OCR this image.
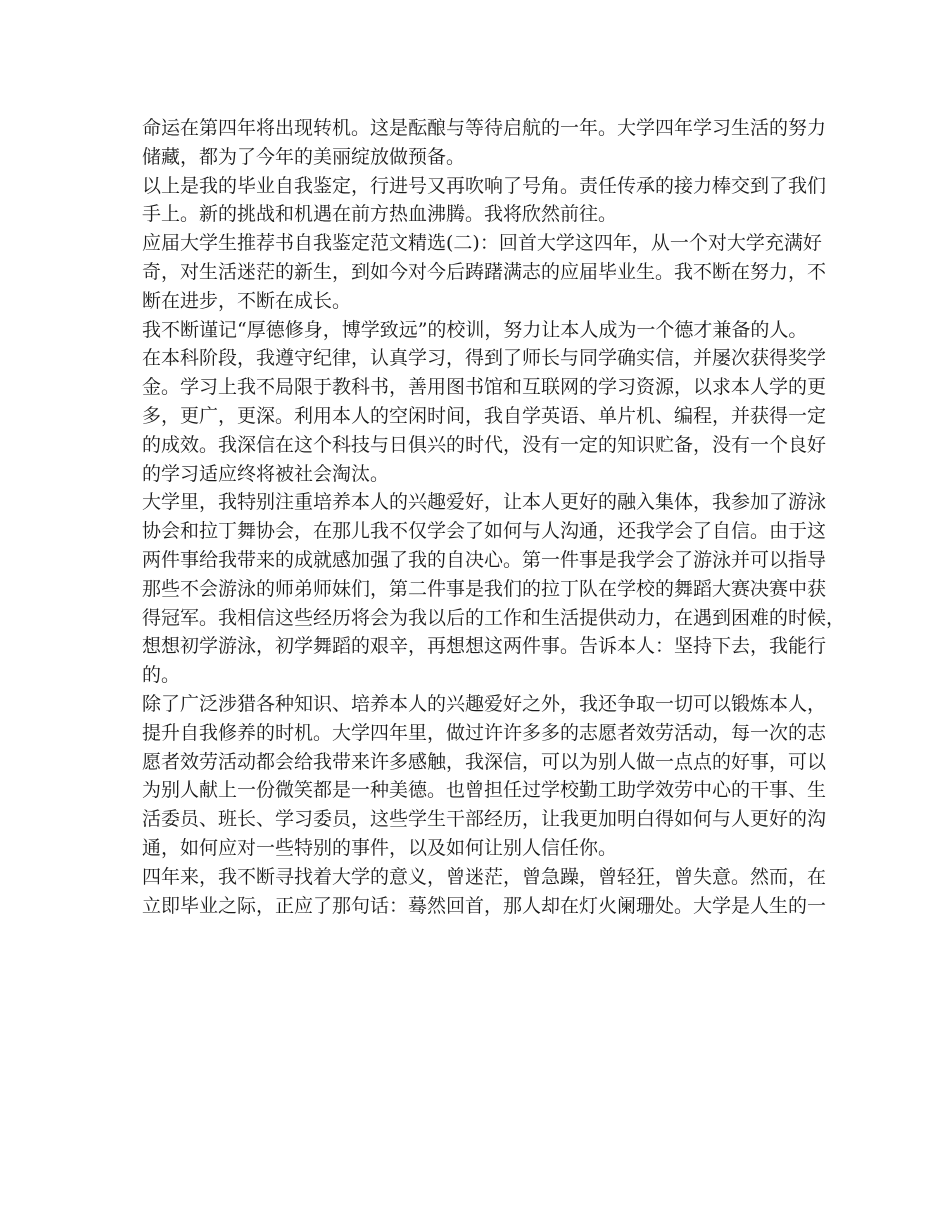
命运在第四年将出现转机。这是酝酿与等待启航的一年。大学四年学习生活的努力
储藏，都为了今年的美丽绽放做预备。
以上是我的毕业自我鉴定，行进号又再吹响了号角。责任传承的接力棒交到了我们
手上。新的挑战和机遇在前方热血沸腾。我将欣然前往。
应届大学生推荐书自我鉴定范文精选(二)：回首大学这四年，从一个对大学充满好
奇，对生活迷茫的新生，到如今对今后踌躇满志的应届毕业生。我不断在努力，不
断在进步，不断在成长。
我不断谨记“厚德修身，博学致远”的校训，努力让本人成为一个德才兼备的人。
在本科阶段，我遵守纪律，认真学习，得到了师长与同学确实信，并屡次获得奖学
金。学习上我不局限于教科书，善用图书馆和互联网的学习资源，以求本人学的更
多，更广，更深。利用本人的空闲时间，我自学英语、单片机、编程，并获得一定
的成效。我深信在这个科技与日俱兴的时代，没有一定的知识贮备，没有一个良好
的学习适应终将被社会淘汰。
大学里，我特别注重培养本人的兴趣爱好，让本人更好的融入集体，我参加了游泳
协会和拉丁舞协会，在那儿我不仅学会了如何与人沟通，还我学会了自信。由于这
两件事给我带来的成就感加强了我的自决心。第一件事是我学会了游泳并可以指导
那些不会游泳的师弟师妹们，第二件事是我们的拉丁队在学校的舞蹈大赛决赛中获
得冠军。我相信这些经历将会为我以后的工作和生活提供动力，在遇到困难的时候，
想想初学游泳，初学舞蹈的艰辛，再想想这两件事。告诉本人：坚持下去，我能行
的。
除了广泛涉猎各种知识、培养本人的兴趣爱好之外，我还争取一切可以锻炼本人，
提升自我修养的时机。大学四年里，做过许许多多的志愿者效劳活动，每一次的志
愿者效劳活动都会给我带来许多感触，我深信，可以为别人做一点点的好事，可以
为别人献上一份微笑都是一种美德。也曾担任过学校勤工助学效劳中心的干事、生
活委员、班长、学习委员，这些学生干部经历，让我更加明白得如何与人更好的沟
通，如何应对一些特别的事件，以及如何让别人信任你。
四年来，我不断寻找着大学的意义，曾迷茫，曾急躁，曾轻狂，曾失意。然而，在
立即毕业之际，正应了那句话：蓦然回首，那人却在灯火阑珊处。大学是人生的一
